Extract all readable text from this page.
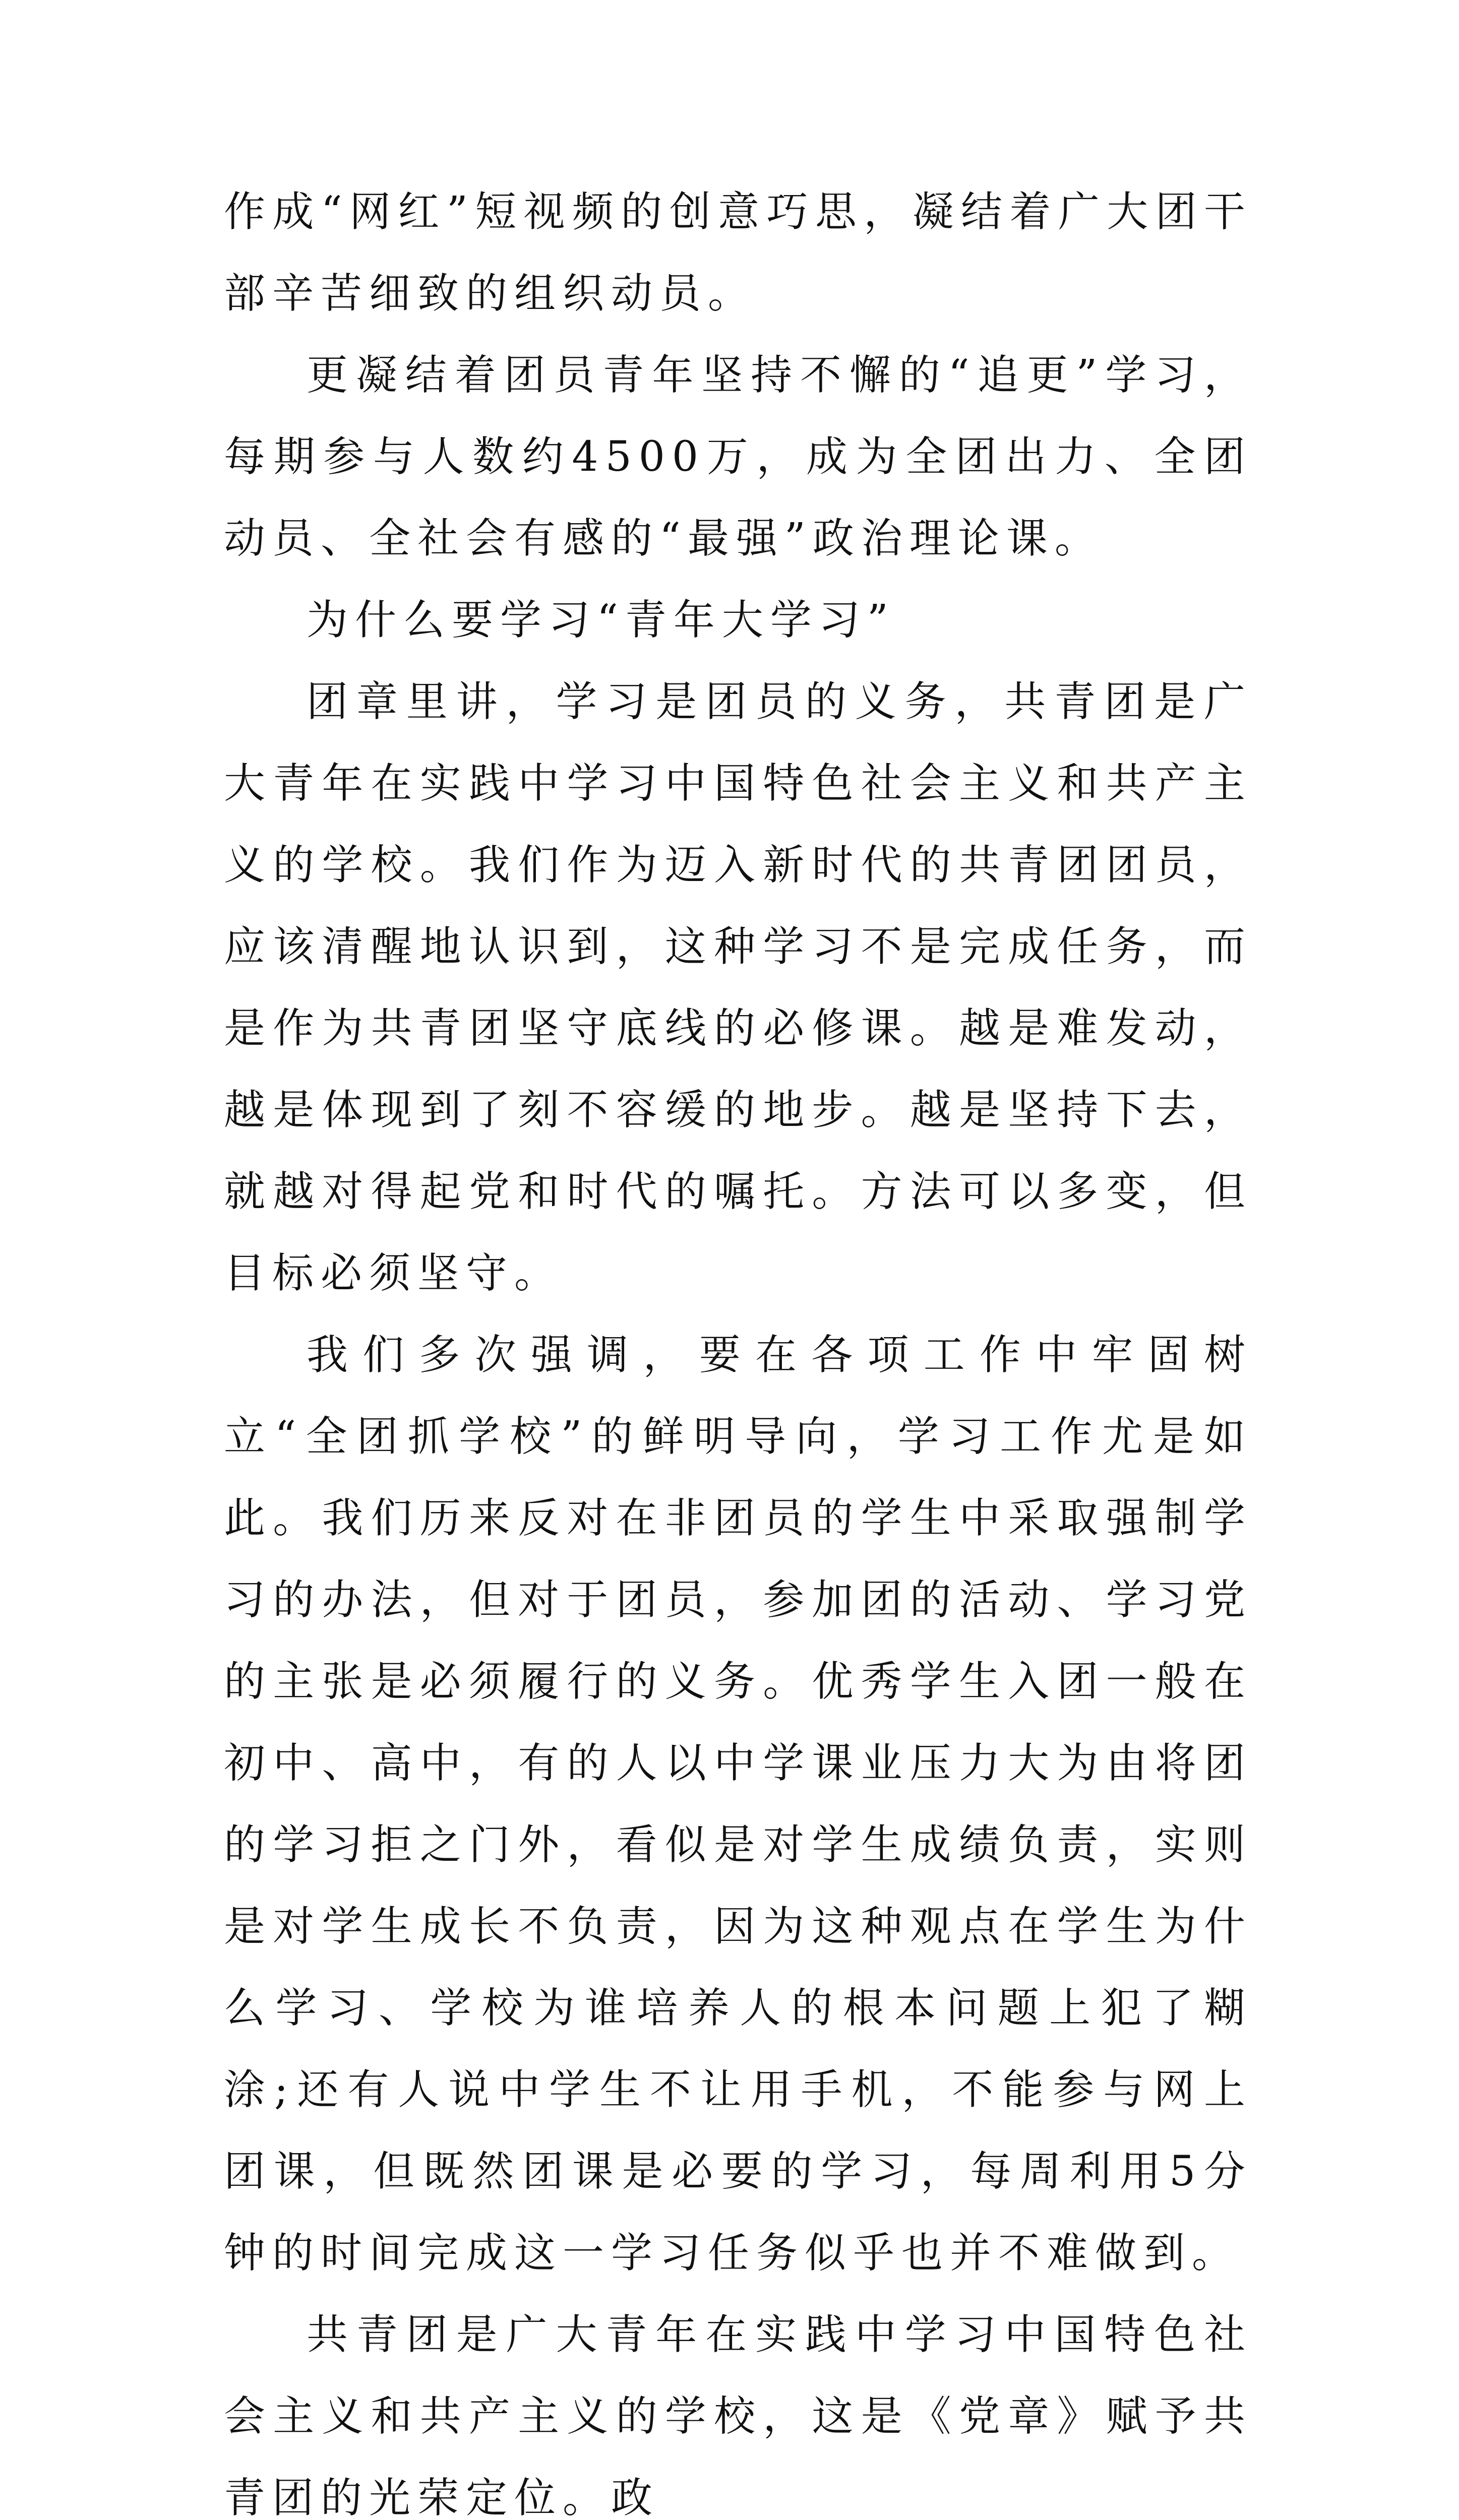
作成“网红”短视频的创意巧思，凝结着广大团干部辛苦细致的组织动员。

更凝结着团员青年坚持不懈的“追更”学习，每期参与人数约4500万，成为全团出力、全团动员、全社会有感的“最强”政治理论课。

为什么要学习“青年大学习”

团章里讲，学习是团员的义务，共青团是广大青年在实践中学习中国特色社会主义和共产主义的学校。我们作为迈入新时代的共青团团员，应该清醒地认识到，这种学习不是完成任务，而是作为共青团坚守底线的必修课。越是难发动，越是体现到了刻不容缓的地步。越是坚持下去，就越对得起党和时代的嘱托。方法可以多变，但目标必须坚守。

我们多次强调，要在各项工作中牢固树立“全团抓学校”的鲜明导向，学习工作尤是如此。我们历来反对在非团员的学生中采取强制学习的办法，但对于团员，参加团的活动、学习党的主张是必须履行的义务。优秀学生入团一般在初中、高中，有的人以中学课业压力大为由将团的学习拒之门外，看似是对学生成绩负责，实则是对学生成长不负责，因为这种观点在学生为什么学习、学校为谁培养人的根本问题上犯了糊涂;还有人说中学生不让用手机，不能参与网上团课，但既然团课是必要的学习，每周利用5分钟的时间完成这一学习任务似乎也并不难做到。

共青团是广大青年在实践中学习中国特色社会主义和共产主义的学校，这是《党章》赋予共青团的光荣定位。政
